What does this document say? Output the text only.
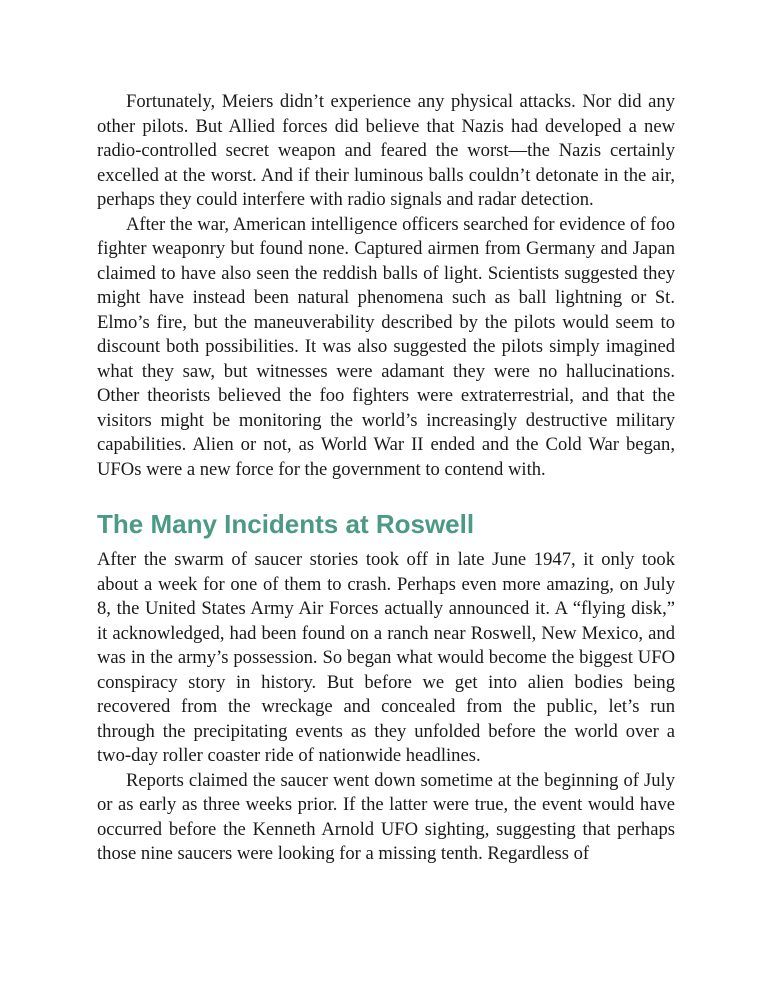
Fortunately, Meiers didn’t experience any physical attacks. Nor did any other pilots. But Allied forces did believe that Nazis had developed a new radio-controlled secret weapon and feared the worst—the Nazis certainly excelled at the worst. And if their luminous balls couldn’t detonate in the air, perhaps they could interfere with radio signals and radar detection.

After the war, American intelligence officers searched for evidence of foo fighter weaponry but found none. Captured airmen from Germany and Japan claimed to have also seen the reddish balls of light. Scientists suggested they might have instead been natural phenomena such as ball lightning or St. Elmo’s fire, but the maneuverability described by the pilots would seem to discount both possibilities. It was also suggested the pilots simply imagined what they saw, but witnesses were adamant they were no hallucinations. Other theorists believed the foo fighters were extraterrestrial, and that the visitors might be monitoring the world’s increasingly destructive military capabilities. Alien or not, as World War II ended and the Cold War began, UFOs were a new force for the government to contend with.

The Many Incidents at Roswell

After the swarm of saucer stories took off in late June 1947, it only took about a week for one of them to crash. Perhaps even more amazing, on July 8, the United States Army Air Forces actually announced it. A “flying disk,” it acknowledged, had been found on a ranch near Roswell, New Mexico, and was in the army’s possession. So began what would become the biggest UFO conspiracy story in history. But before we get into alien bodies being recovered from the wreckage and concealed from the public, let’s run through the precipitating events as they unfolded before the world over a two-day roller coaster ride of nationwide headlines.

Reports claimed the saucer went down sometime at the beginning of July or as early as three weeks prior. If the latter were true, the event would have occurred before the Kenneth Arnold UFO sighting, suggesting that perhaps those nine saucers were looking for a missing tenth. Regardless of
